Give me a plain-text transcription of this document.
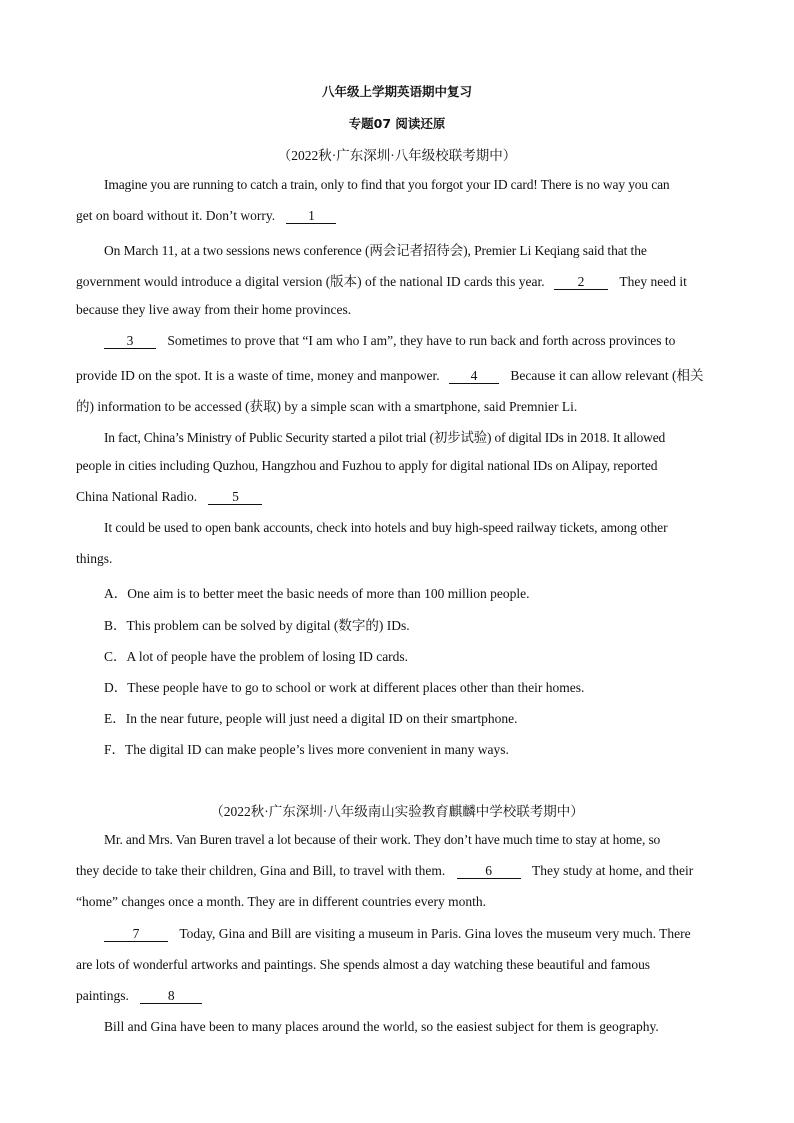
八年级上学期英语期中复习
专题07 阅读还原
（2022秋·广东深圳·八年级校联考期中）
Imagine you are running to catch a train, only to find that you forgot your ID card! There is no way you can
get on board without it. Don’t worry. 1
On March 11, at a two sessions news conference (两会记者招待会), Premier Li Keqiang said that the
government would introduce a digital version (版本) of the national ID cards this year. 2	They need it
because they live away from their home provinces.
3	Sometimes to prove that “I am who I am”, they have to run back and forth across provinces to
provide ID on the spot. It is a waste of time, money and manpower. 4 Because it can allow relevant (相关
的) information to be accessed (获取) by a simple scan with a smartphone, said Premnier Li.
In fact, China’s Ministry of Public Security started a pilot trial (初步试验) of digital IDs in 2018. It allowed
people in cities including Quzhou, Hangzhou and Fuzhou to apply for digital national IDs on Alipay, reported
China National Radio.	5
It could be used to open bank accounts, check into hotels and buy high-speed railway tickets, among other
things.
A．One aim is to better meet the basic needs of more than 100 million people.
B．This problem can be solved by digital (数字的) IDs.
C．A lot of people have the problem of losing ID cards.
D．These people have to go to school or work at different places other than their homes.
E．In the near future, people will just need a digital ID on their smartphone.
F．The digital ID can make people’s lives more convenient in many ways.
（2022秋·广东深圳·八年级南山实验教育麒麟中学校联考期中）
Mr. and Mrs. Van Buren travel a lot because of their work. They don’t have much time to stay at home, so
they decide to take their children, Gina and Bill, to travel with them.	6	They study at home, and their
“home” changes once a month. They are in different countries every month.
7	Today, Gina and Bill are visiting a museum in Paris. Gina loves the museum very much. There
are lots of wonderful artworks and paintings. She spends almost a day watching these beautiful and famous
paintings.	8
Bill and Gina have been to many places around the world, so the easiest subject for them is geography.
